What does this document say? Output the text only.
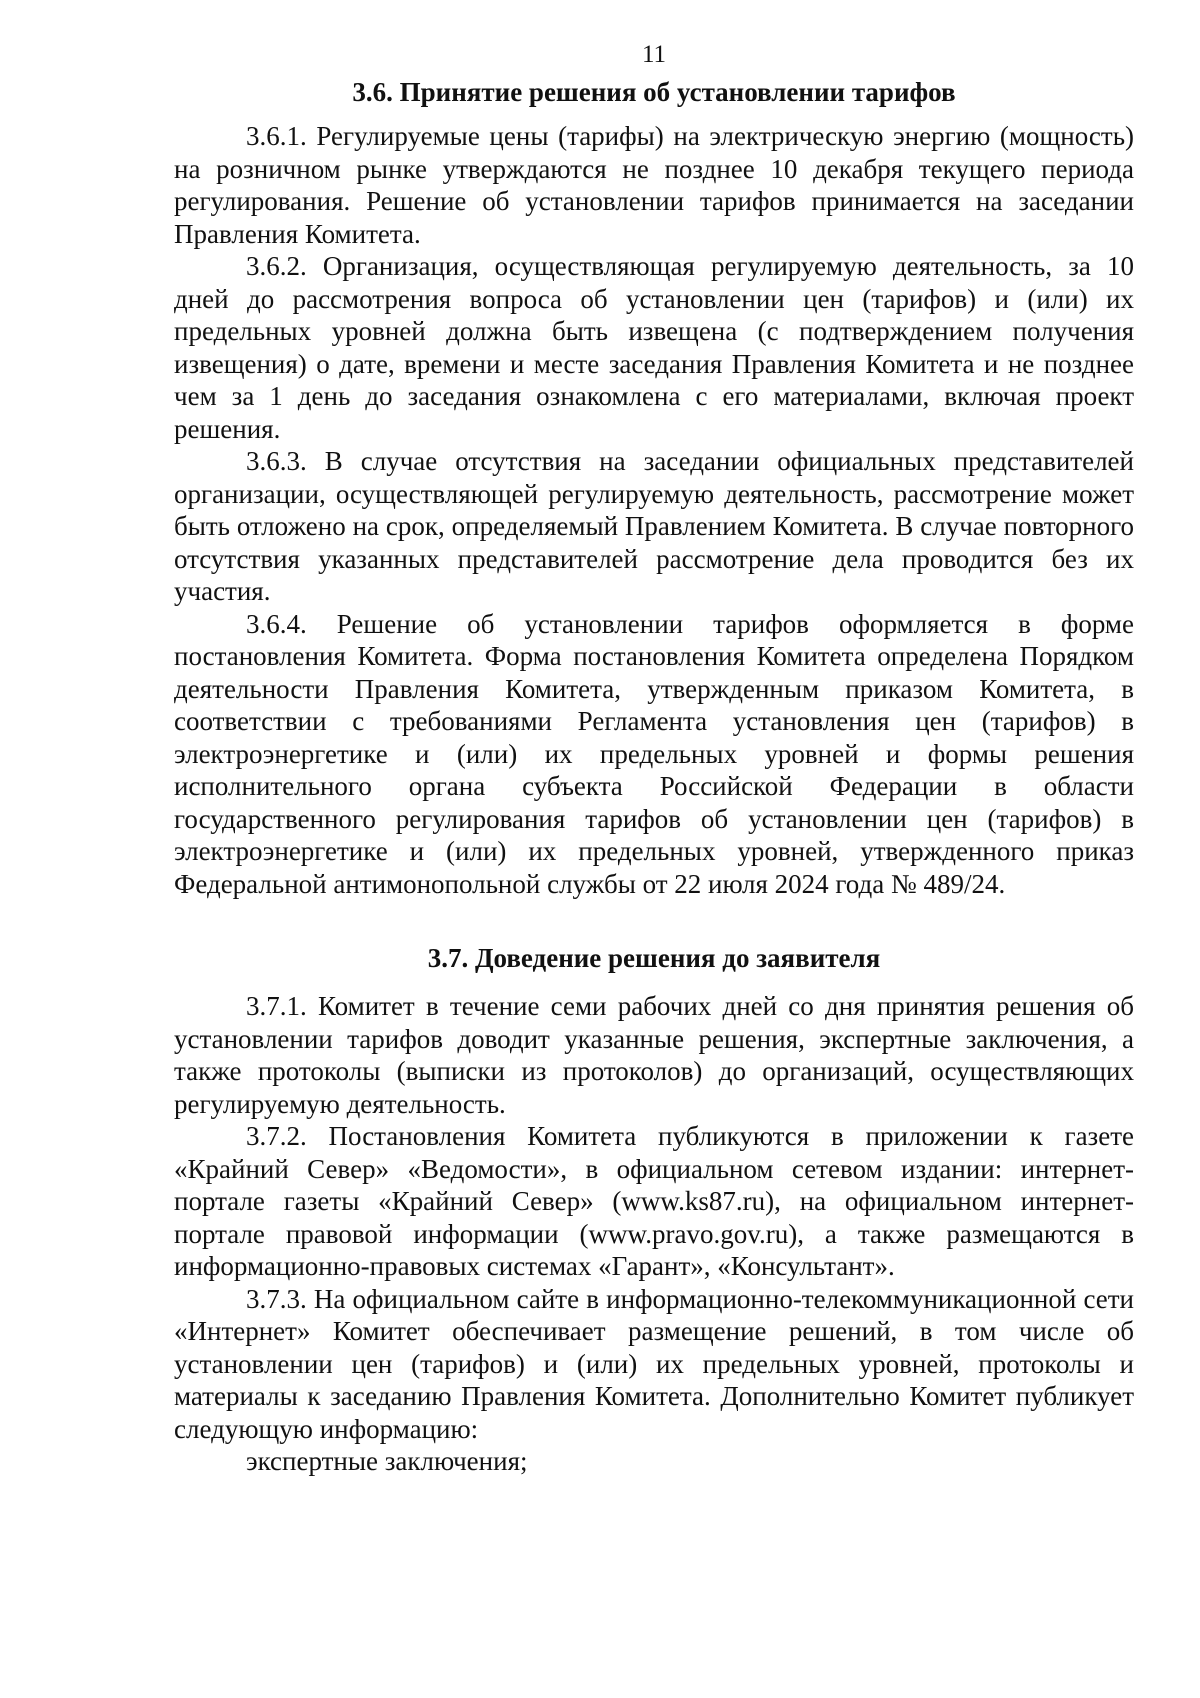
11
3.6. Принятие решения об установлении тарифов

3.6.1. Регулируемые цены (тарифы) на электрическую энергию (мощность) на розничном рынке утверждаются не позднее 10 декабря текущего периода регулирования. Решение об установлении тарифов принимается на заседании Правления Комитета.

3.6.2. Организация, осуществляющая регулируемую деятельность, за 10 дней до рассмотрения вопроса об установлении цен (тарифов) и (или) их предельных уровней должна быть извещена (с подтверждением получения извещения) о дате, времени и месте заседания Правления Комитета и не позднее чем за 1 день до заседания ознакомлена с его материалами, включая проект решения.

3.6.3. В случае отсутствия на заседании официальных представителей организации, осуществляющей регулируемую деятельность, рассмотрение может быть отложено на срок, определяемый Правлением Комитета. В случае повторного отсутствия указанных представителей рассмотрение дела проводится без их участия.

3.6.4. Решение об установлении тарифов оформляется в форме постановления Комитета. Форма постановления Комитета определена Порядком деятельности Правления Комитета, утвержденным приказом Комитета, в соответствии с требованиями Регламента установления цен (тарифов) в электроэнергетике и (или) их предельных уровней и формы решения исполнительного органа субъекта Российской Федерации в области государственного регулирования тарифов об установлении цен (тарифов) в электроэнергетике и (или) их предельных уровней, утвержденного приказ Федеральной антимонопольной службы от 22 июля 2024 года № 489/24.

3.7. Доведение решения до заявителя

3.7.1. Комитет в течение семи рабочих дней со дня принятия решения об установлении тарифов доводит указанные решения, экспертные заключения, а также протоколы (выписки из протоколов) до организаций, осуществляющих регулируемую деятельность.

3.7.2. Постановления Комитета публикуются в приложении к газете «Крайний Север» «Ведомости», в официальном сетевом издании: интернет-портале газеты «Крайний Север» (www.ks87.ru), на официальном интернет-портале правовой информации (www.pravo.gov.ru), а также размещаются в информационно-правовых системах «Гарант», «Консультант».

3.7.3. На официальном сайте в информационно-телекоммуникационной сети «Интернет» Комитет обеспечивает размещение решений, в том числе об установлении цен (тарифов) и (или) их предельных уровней, протоколы и материалы к заседанию Правления Комитета. Дополнительно Комитет публикует следующую информацию:

экспертные заключения;
